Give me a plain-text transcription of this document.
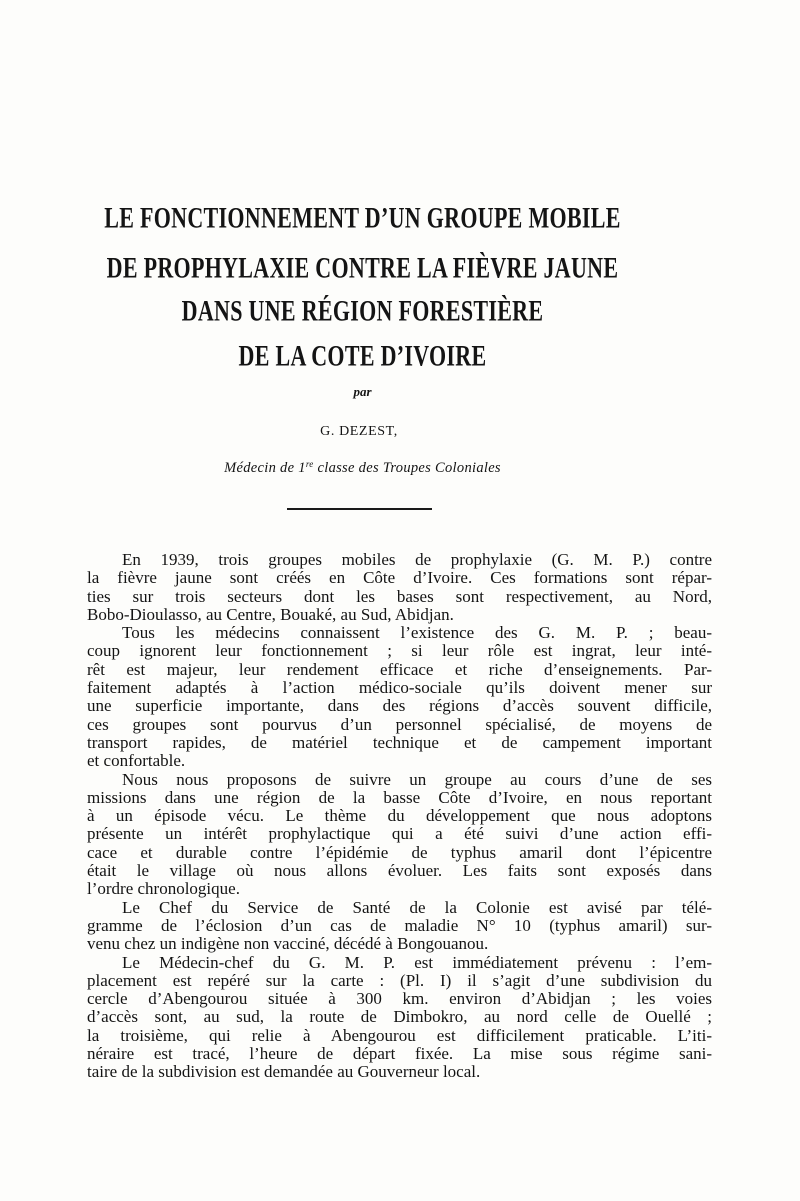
LE FONCTIONNEMENT D’UN GROUPE MOBILE
DE PROPHYLAXIE CONTRE LA FIÈVRE JAUNE
DANS UNE RÉGION FORESTIÈRE
DE LA COTE D’IVOIRE
par
G. DEZEST,
Médecin de 1re classe des Troupes Coloniales
En 1939, trois groupes mobiles de prophylaxie (G. M. P.) contre
la fièvre jaune sont créés en Côte d’Ivoire. Ces formations sont répar-
ties sur trois secteurs dont les bases sont respectivement, au Nord,
Bobo-Dioulasso, au Centre, Bouaké, au Sud, Abidjan.
Tous les médecins connaissent l’existence des G. M. P. ; beau-
coup ignorent leur fonctionnement ; si leur rôle est ingrat, leur inté-
rêt est majeur, leur rendement efficace et riche d’enseignements. Par-
faitement adaptés à l’action médico-sociale qu’ils doivent mener sur
une superficie importante, dans des régions d’accès souvent difficile,
ces groupes sont pourvus d’un personnel spécialisé, de moyens de
transport rapides, de matériel technique et de campement important
et confortable.
Nous nous proposons de suivre un groupe au cours d’une de ses
missions dans une région de la basse Côte d’Ivoire, en nous reportant
à un épisode vécu. Le thème du développement que nous adoptons
présente un intérêt prophylactique qui a été suivi d’une action effi-
cace et durable contre l’épidémie de typhus amaril dont l’épicentre
était le village où nous allons évoluer. Les faits sont exposés dans
l’ordre chronologique.
Le Chef du Service de Santé de la Colonie est avisé par télé-
gramme de l’éclosion d’un cas de maladie N° 10 (typhus amaril) sur-
venu chez un indigène non vacciné, décédé à Bongouanou.
Le Médecin-chef du G. M. P. est immédiatement prévenu : l’em-
placement est repéré sur la carte : (Pl. I) il s’agit d’une subdivision du
cercle d’Abengourou située à 300 km. environ d’Abidjan ; les voies
d’accès sont, au sud, la route de Dimbokro, au nord celle de Ouellé ;
la troisième, qui relie à Abengourou est difficilement praticable. L’iti-
néraire est tracé, l’heure de départ fixée. La mise sous régime sani-
taire de la subdivision est demandée au Gouverneur local.
